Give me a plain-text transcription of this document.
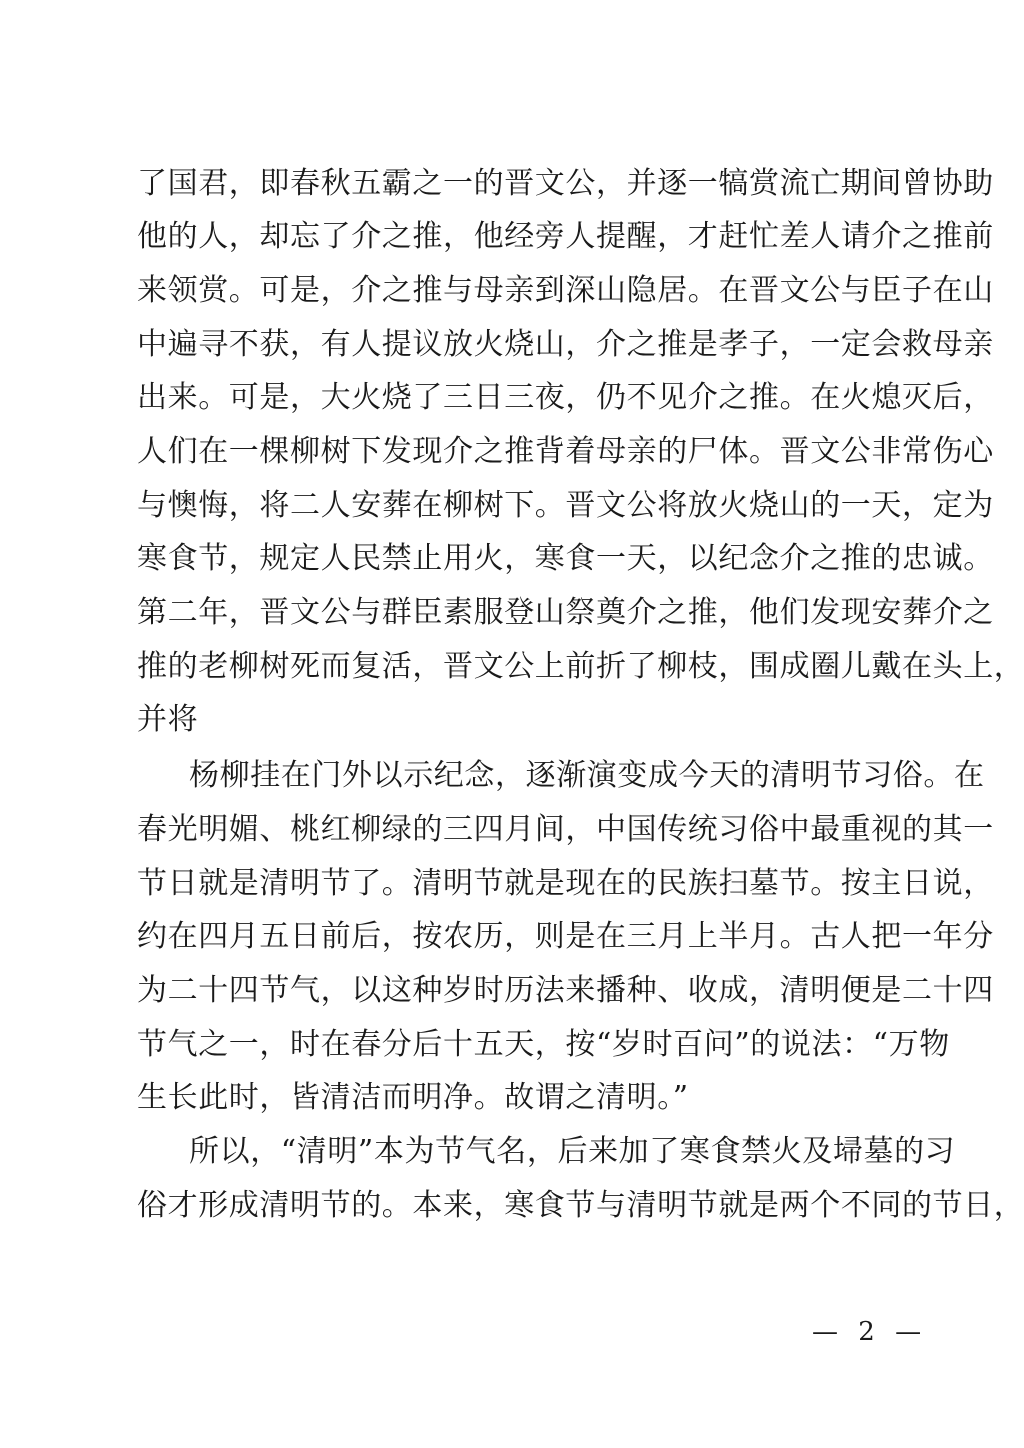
了国君，即春秋五霸之一的晋文公，并逐一犒赏流亡期间曾协助
他的人，却忘了介之推，他经旁人提醒，才赶忙差人请介之推前
来领赏。可是，介之推与母亲到深山隐居。在晋文公与臣子在山
中遍寻不获，有人提议放火烧山，介之推是孝子，一定会救母亲
出来。可是，大火烧了三日三夜，仍不见介之推。在火熄灭后，
人们在一棵柳树下发现介之推背着母亲的尸体。晋文公非常伤心
与懊悔，将二人安葬在柳树下。晋文公将放火烧山的一天，定为
寒食节，规定人民禁止用火，寒食一天，以纪念介之推的忠诚。
第二年，晋文公与群臣素服登山祭奠介之推，他们发现安葬介之
推的老柳树死而复活，晋文公上前折了柳枝，围成圈儿戴在头上，
并将
杨柳挂在门外以示纪念，逐渐演变成今天的清明节习俗。在
春光明媚、桃红柳绿的三四月间，中国传统习俗中最重视的其一
节日就是清明节了。清明节就是现在的民族扫墓节。按主日说，
约在四月五日前后，按农历，则是在三月上半月。古人把一年分
为二十四节气，以这种岁时历法来播种、收成，清明便是二十四
节气之一，时在春分后十五天，按“岁时百问”的说法：“万物
生长此时，皆清洁而明净。故谓之清明。”
所以，“清明”本为节气名，后来加了寒食禁火及埽墓的习
俗才形成清明节的。本来，寒食节与清明节就是两个不同的节日，
— 2 —
